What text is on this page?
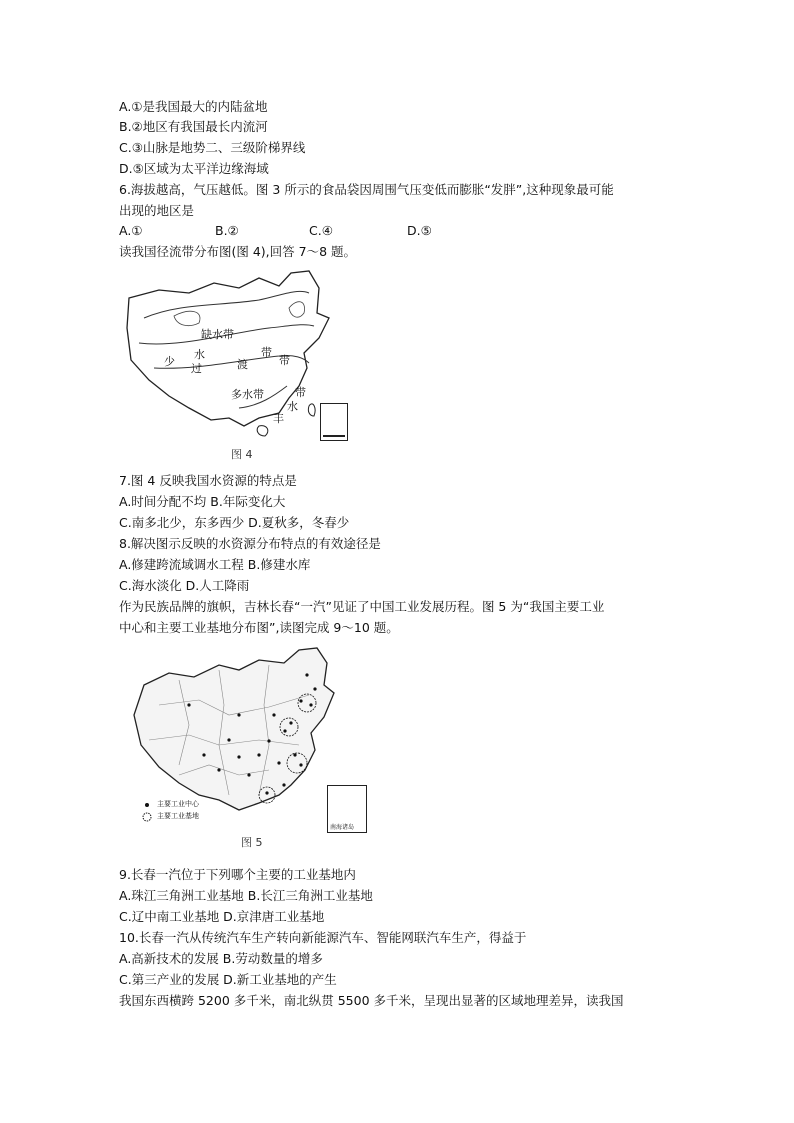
A.①是我国最大的内陆盆地
B.②地区有我国最长内流河
C.③山脉是地势二、三级阶梯界线
D.⑤区域为太平洋边缘海域
6.海拔越高，气压越低。图 3 所示的食品袋因周围气压变低而膨胀“发胖”,这种现象最可能
出现的地区是
A.①	B.②	C.④	D.⑤
读我国径流带分布图(图 4),回答 7～8 题。
缺水带
少
水
过	渡
带
带
多水带	带
水
丰
图 4
7.图 4 反映我国水资源的特点是
A.时间分配不均 B.年际变化大
C.南多北少，东多西少 D.夏秋多，冬春少
8.解决图示反映的水资源分布特点的有效途径是
A.修建跨流域调水工程 B.修建水库
C.海水淡化 D.人工降雨
作为民族品牌的旗帜，吉林长春“一汽”见证了中国工业发展历程。图 5 为“我国主要工业
中心和主要工业基地分布图”,读图完成 9～10 题。
主要工业中心
主要工业基地
南海诸岛
图 5
9.长春一汽位于下列哪个主要的工业基地内
A.珠江三角洲工业基地 B.长江三角洲工业基地
C.辽中南工业基地 D.京津唐工业基地
10.长春一汽从传统汽车生产转向新能源汽车、智能网联汽车生产，得益于
A.高新技术的发展 B.劳动数量的增多
C.第三产业的发展 D.新工业基地的产生
我国东西横跨 5200 多千米，南北纵贯 5500 多千米，呈现出显著的区域地理差异，读我国
